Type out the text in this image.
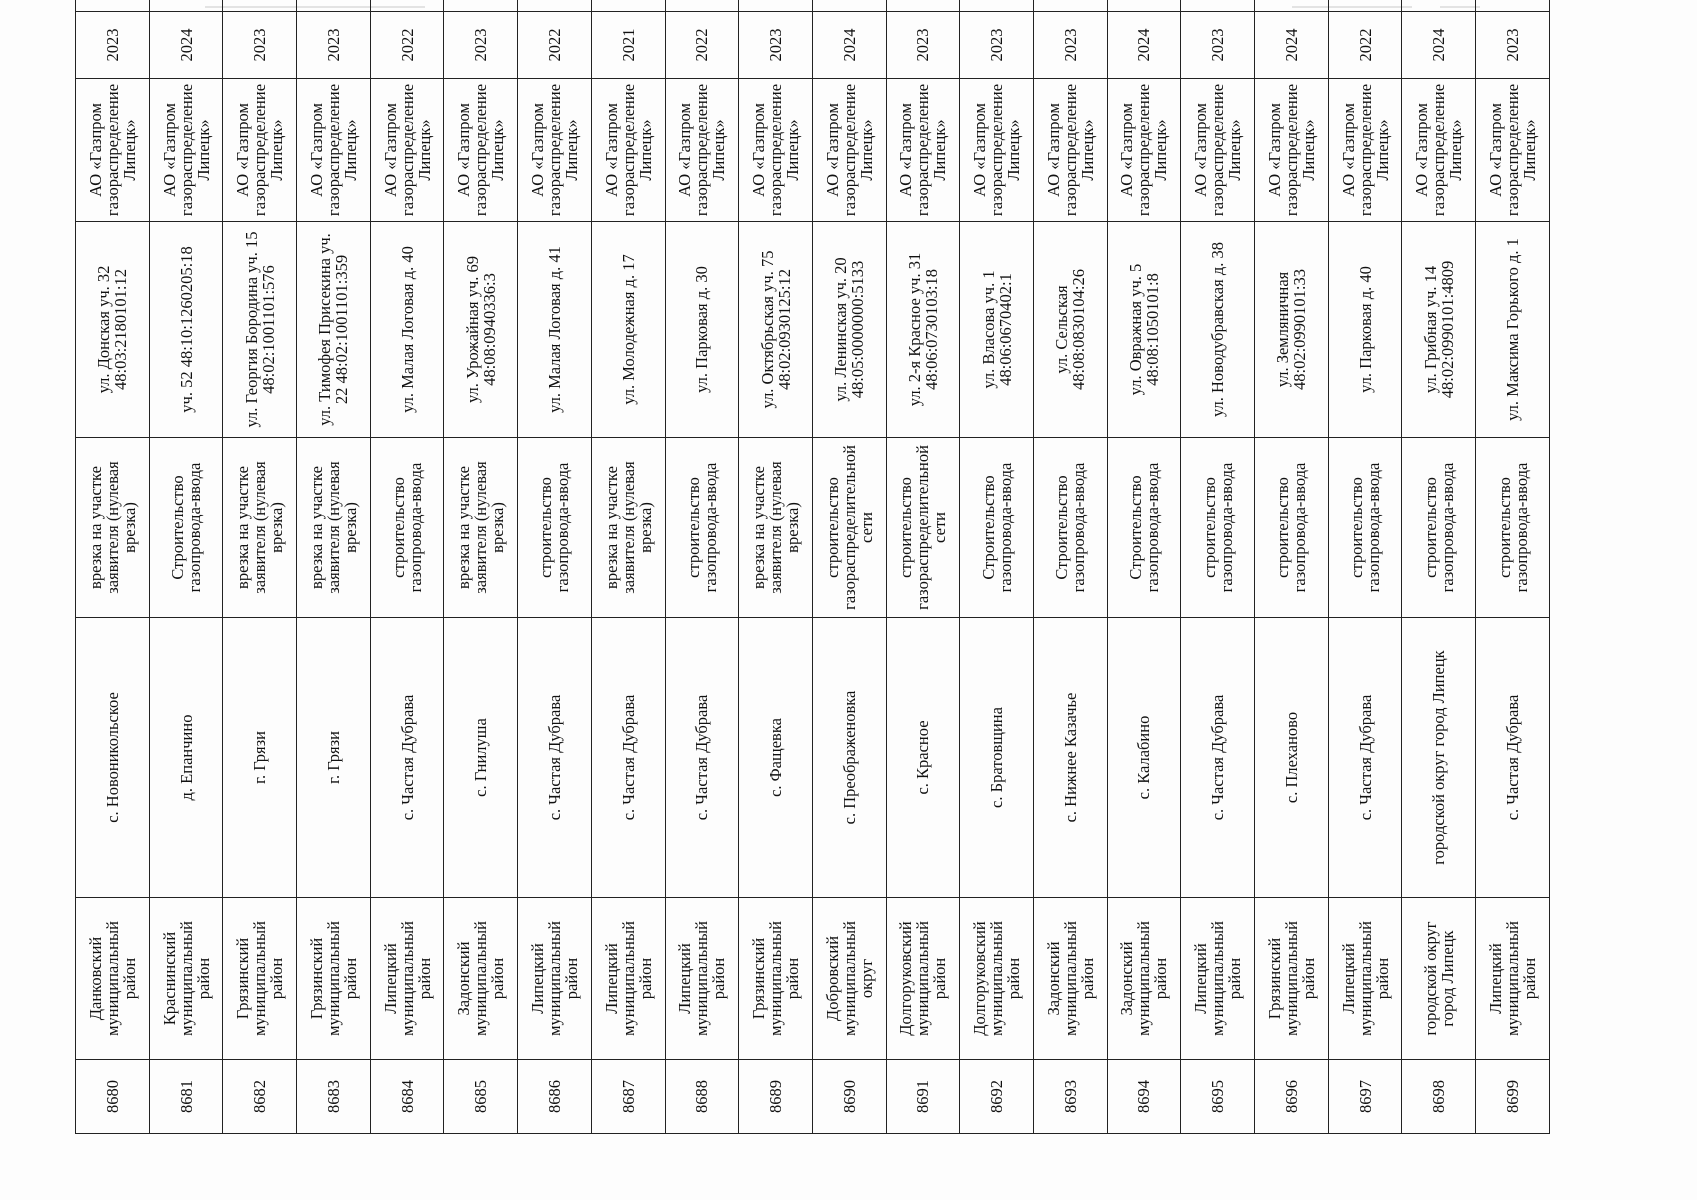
8680	Данковский муниципальный район	с. Новоникольское	врезка на участке заявителя (нулевая врезка)	ул. Донская уч. 32 48:03:2180101:12	АО «Газпром газораспределение Липецк»	2023	
8681	Краснинский муниципальный район	д. Епанчино	Строительство газопровода-ввода	уч. 52 48:10:1260205:18	АО «Газпром газораспределение Липецк»	2024	
8682	Грязинский муниципальный район	г. Грязи	врезка на участке заявителя (нулевая врезка)	ул. Георгия Бородина уч. 15 48:02:1001101:576	АО «Газпром газораспределение Липецк»	2023	
8683	Грязинский муниципальный район	г. Грязи	врезка на участке заявителя (нулевая врезка)	ул. Тимофея Присекина уч. 22 48:02:1001101:359	АО «Газпром газораспределение Липецк»	2023	
8684	Липецкий муниципальный район	с. Частая Дубрава	строительство газопровода-ввода	ул. Малая Логовая д. 40	АО «Газпром газораспределение Липецк»	2022	
8685	Задонский муниципальный район	с. Гнилуша	врезка на участке заявителя (нулевая врезка)	ул. Урожайная уч. 69 48:08:0940336:3	АО «Газпром газораспределение Липецк»	2023	
8686	Липецкий муниципальный район	с. Частая Дубрава	строительство газопровода-ввода	ул. Малая Логовая д. 41	АО «Газпром газораспределение Липецк»	2022	
8687	Липецкий муниципальный район	с. Частая Дубрава	врезка на участке заявителя (нулевая врезка)	ул. Молодежная д. 17	АО «Газпром газораспределение Липецк»	2021	
8688	Липецкий муниципальный район	с. Частая Дубрава	строительство газопровода-ввода	ул. Парковая д. 30	АО «Газпром газораспределение Липецк»	2022	
8689	Грязинский муниципальный район	с. Фащевка	врезка на участке заявителя (нулевая врезка)	ул. Октябрьская уч. 75 48:02:0930125:12	АО «Газпром газораспределение Липецк»	2023	
8690	Добровский муниципальный округ	с. Преображеновка	строительство газораспределительной сети	ул. Ленинская уч. 20 48:05:0000000:5133	АО «Газпром газораспределение Липецк»	2024	
8691	Долгоруковский муниципальный район	с. Красное	строительство газораспределительной сети	ул. 2-я Красное уч. 31 48:06:0730103:18	АО «Газпром газораспределение Липецк»	2023	
8692	Долгоруковский муниципальный район	с. Братовщина	Строительство газопровода-ввода	ул. Власова уч. 1 48:06:0670402:1	АО «Газпром газораспределение Липецк»	2023	
8693	Задонский муниципальный район	с. Нижнее Казачье	Строительство газопровода-ввода	ул. Сельская 48:08:0830104:26	АО «Газпром газораспределение Липецк»	2023	
8694	Задонский муниципальный район	с. Калабино	Строительство газопровода-ввода	ул. Овражная уч. 5 48:08:1050101:8	АО «Газпром газораспределение Липецк»	2024	
8695	Липецкий муниципальный район	с. Частая Дубрава	строительство газопровода-ввода	ул. Новодубравская д. 38	АО «Газпром газораспределение Липецк»	2023	
8696	Грязинский муниципальный район	с. Плеханово	строительство газопровода-ввода	ул. Земляничная 48:02:0990101:33	АО «Газпром газораспределение Липецк»	2024	
8697	Липецкий муниципальный район	с. Частая Дубрава	строительство газопровода-ввода	ул. Парковая д. 40	АО «Газпром газораспределение Липецк»	2022	
8698	городской округ город Липецк	городской округ город Липецк	строительство газопровода-ввода	ул. Грибная уч. 14 48:02:0990101:4809	АО «Газпром газораспределение Липецк»	2024	
8699	Липецкий муниципальный район	с. Частая Дубрава	строительство газопровода-ввода	ул. Максима Горького д. 1	АО «Газпром газораспределение Липецк»	2023	
